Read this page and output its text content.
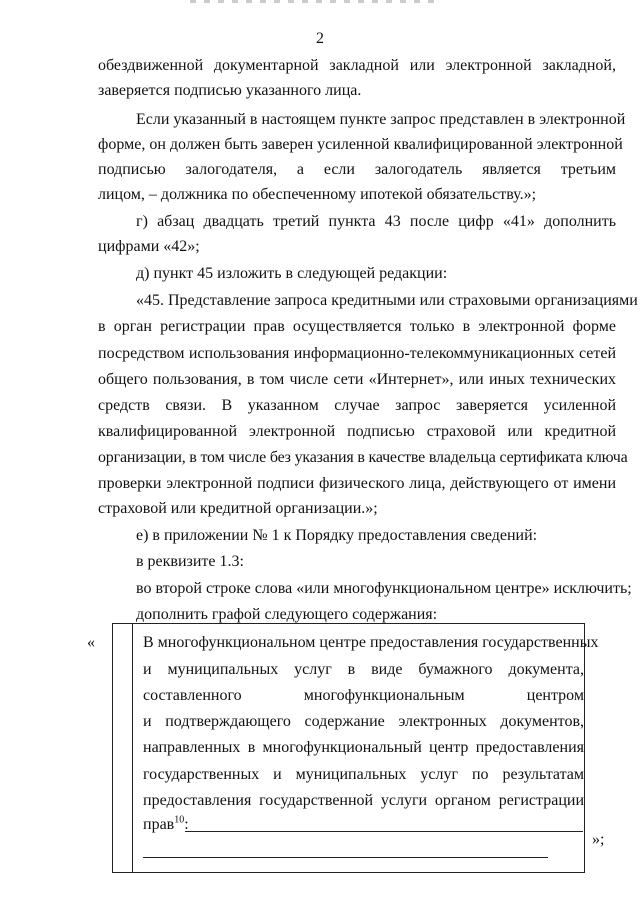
2
обездвиженной документарной закладной или электронной закладной,
заверяется подписью указанного лица.
Если указанный в настоящем пункте запрос представлен в электронной
форме, он должен быть заверен усиленной квалифицированной электронной
подписью залогодателя, а если залогодатель является третьим
лицом, – должника по обеспеченному ипотекой обязательству.»;
г) абзац двадцать третий пункта 43 после цифр «41» дополнить
цифрами «42»;
д) пункт 45 изложить в следующей редакции:
«45. Представление запроса кредитными или страховыми организациями
в орган регистрации прав осуществляется только в электронной форме
посредством использования информационно-телекоммуникационных сетей
общего пользования, в том числе сети «Интернет», или иных технических
средств связи. В указанном случае запрос заверяется усиленной
квалифицированной электронной подписью страховой или кредитной
организации, в том числе без указания в качестве владельца сертификата ключа
проверки электронной подписи физического лица, действующего от имени
страховой или кредитной организации.»;
е) в приложении № 1 к Порядку предоставления сведений:
в реквизите 1.3:
во второй строке слова «или многофункциональном центре» исключить;
дополнить графой следующего содержания:
«	В многофункциональном центре предоставления государственных
и муниципальных услуг в виде бумажного документа,
составленного многофункциональным центром
и подтверждающего содержание электронных документов,
направленных в многофункциональный центр предоставления
государственных и муниципальных услуг по результатам
предоставления государственной услуги органом регистрации
прав$^{10}$:
»;
